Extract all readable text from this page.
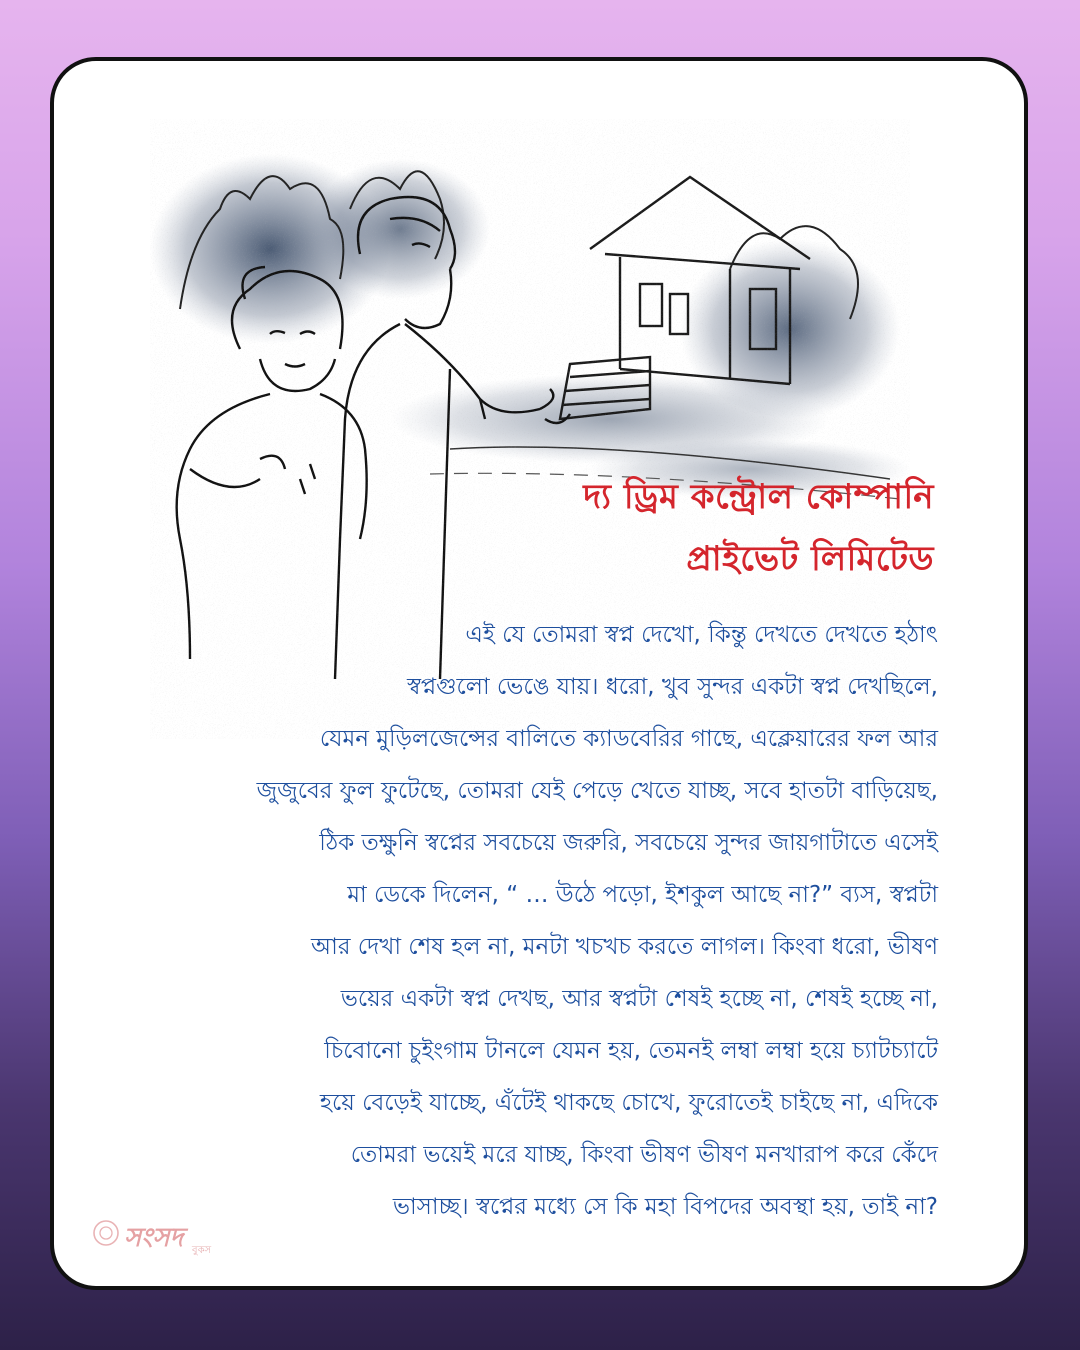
দ্য ড্রিম কন্ট্রোল কোম্পানি
প্রাইভেট লিমিটেড
এই যে তোমরা স্বপ্ন দেখো, কিন্তু দেখতে দেখতে হঠাৎ
স্বপ্নগুলো ভেঙে যায়। ধরো, খুব সুন্দর একটা স্বপ্ন দেখছিলে,
যেমন মুড়িলজেন্সের বালিতে ক্যাডবেরির গাছে, এক্লেয়ারের ফল আর
জুজুবের ফুল ফুটেছে, তোমরা যেই পেড়ে খেতে যাচ্ছ, সবে হাতটা বাড়িয়েছ,
ঠিক তক্ষুনি স্বপ্নের সবচেয়ে জরুরি, সবচেয়ে সুন্দর জায়গাটাতে এসেই
মা ডেকে দিলেন, “ … উঠে পড়ো, ইশকুল আছে না?” ব্যস, স্বপ্নটা
আর দেখা শেষ হল না, মনটা খচখচ করতে লাগল। কিংবা ধরো, ভীষণ
ভয়ের একটা স্বপ্ন দেখছ, আর স্বপ্নটা শেষই হচ্ছে না, শেষই হচ্ছে না,
চিবোনো চুইংগাম টানলে যেমন হয়, তেমনই লম্বা লম্বা হয়ে চ্যাটচ্যাটে
হয়ে বেড়েই যাচ্ছে, এঁটেই থাকছে চোখে, ফুরোতেই চাইছে না, এদিকে
তোমরা ভয়েই মরে যাচ্ছ, কিংবা ভীষণ ভীষণ মনখারাপ করে কেঁদে
ভাসাচ্ছ। স্বপ্নের মধ্যে সে কি মহা বিপদের অবস্থা হয়, তাই না?
সংসদ বুকস
